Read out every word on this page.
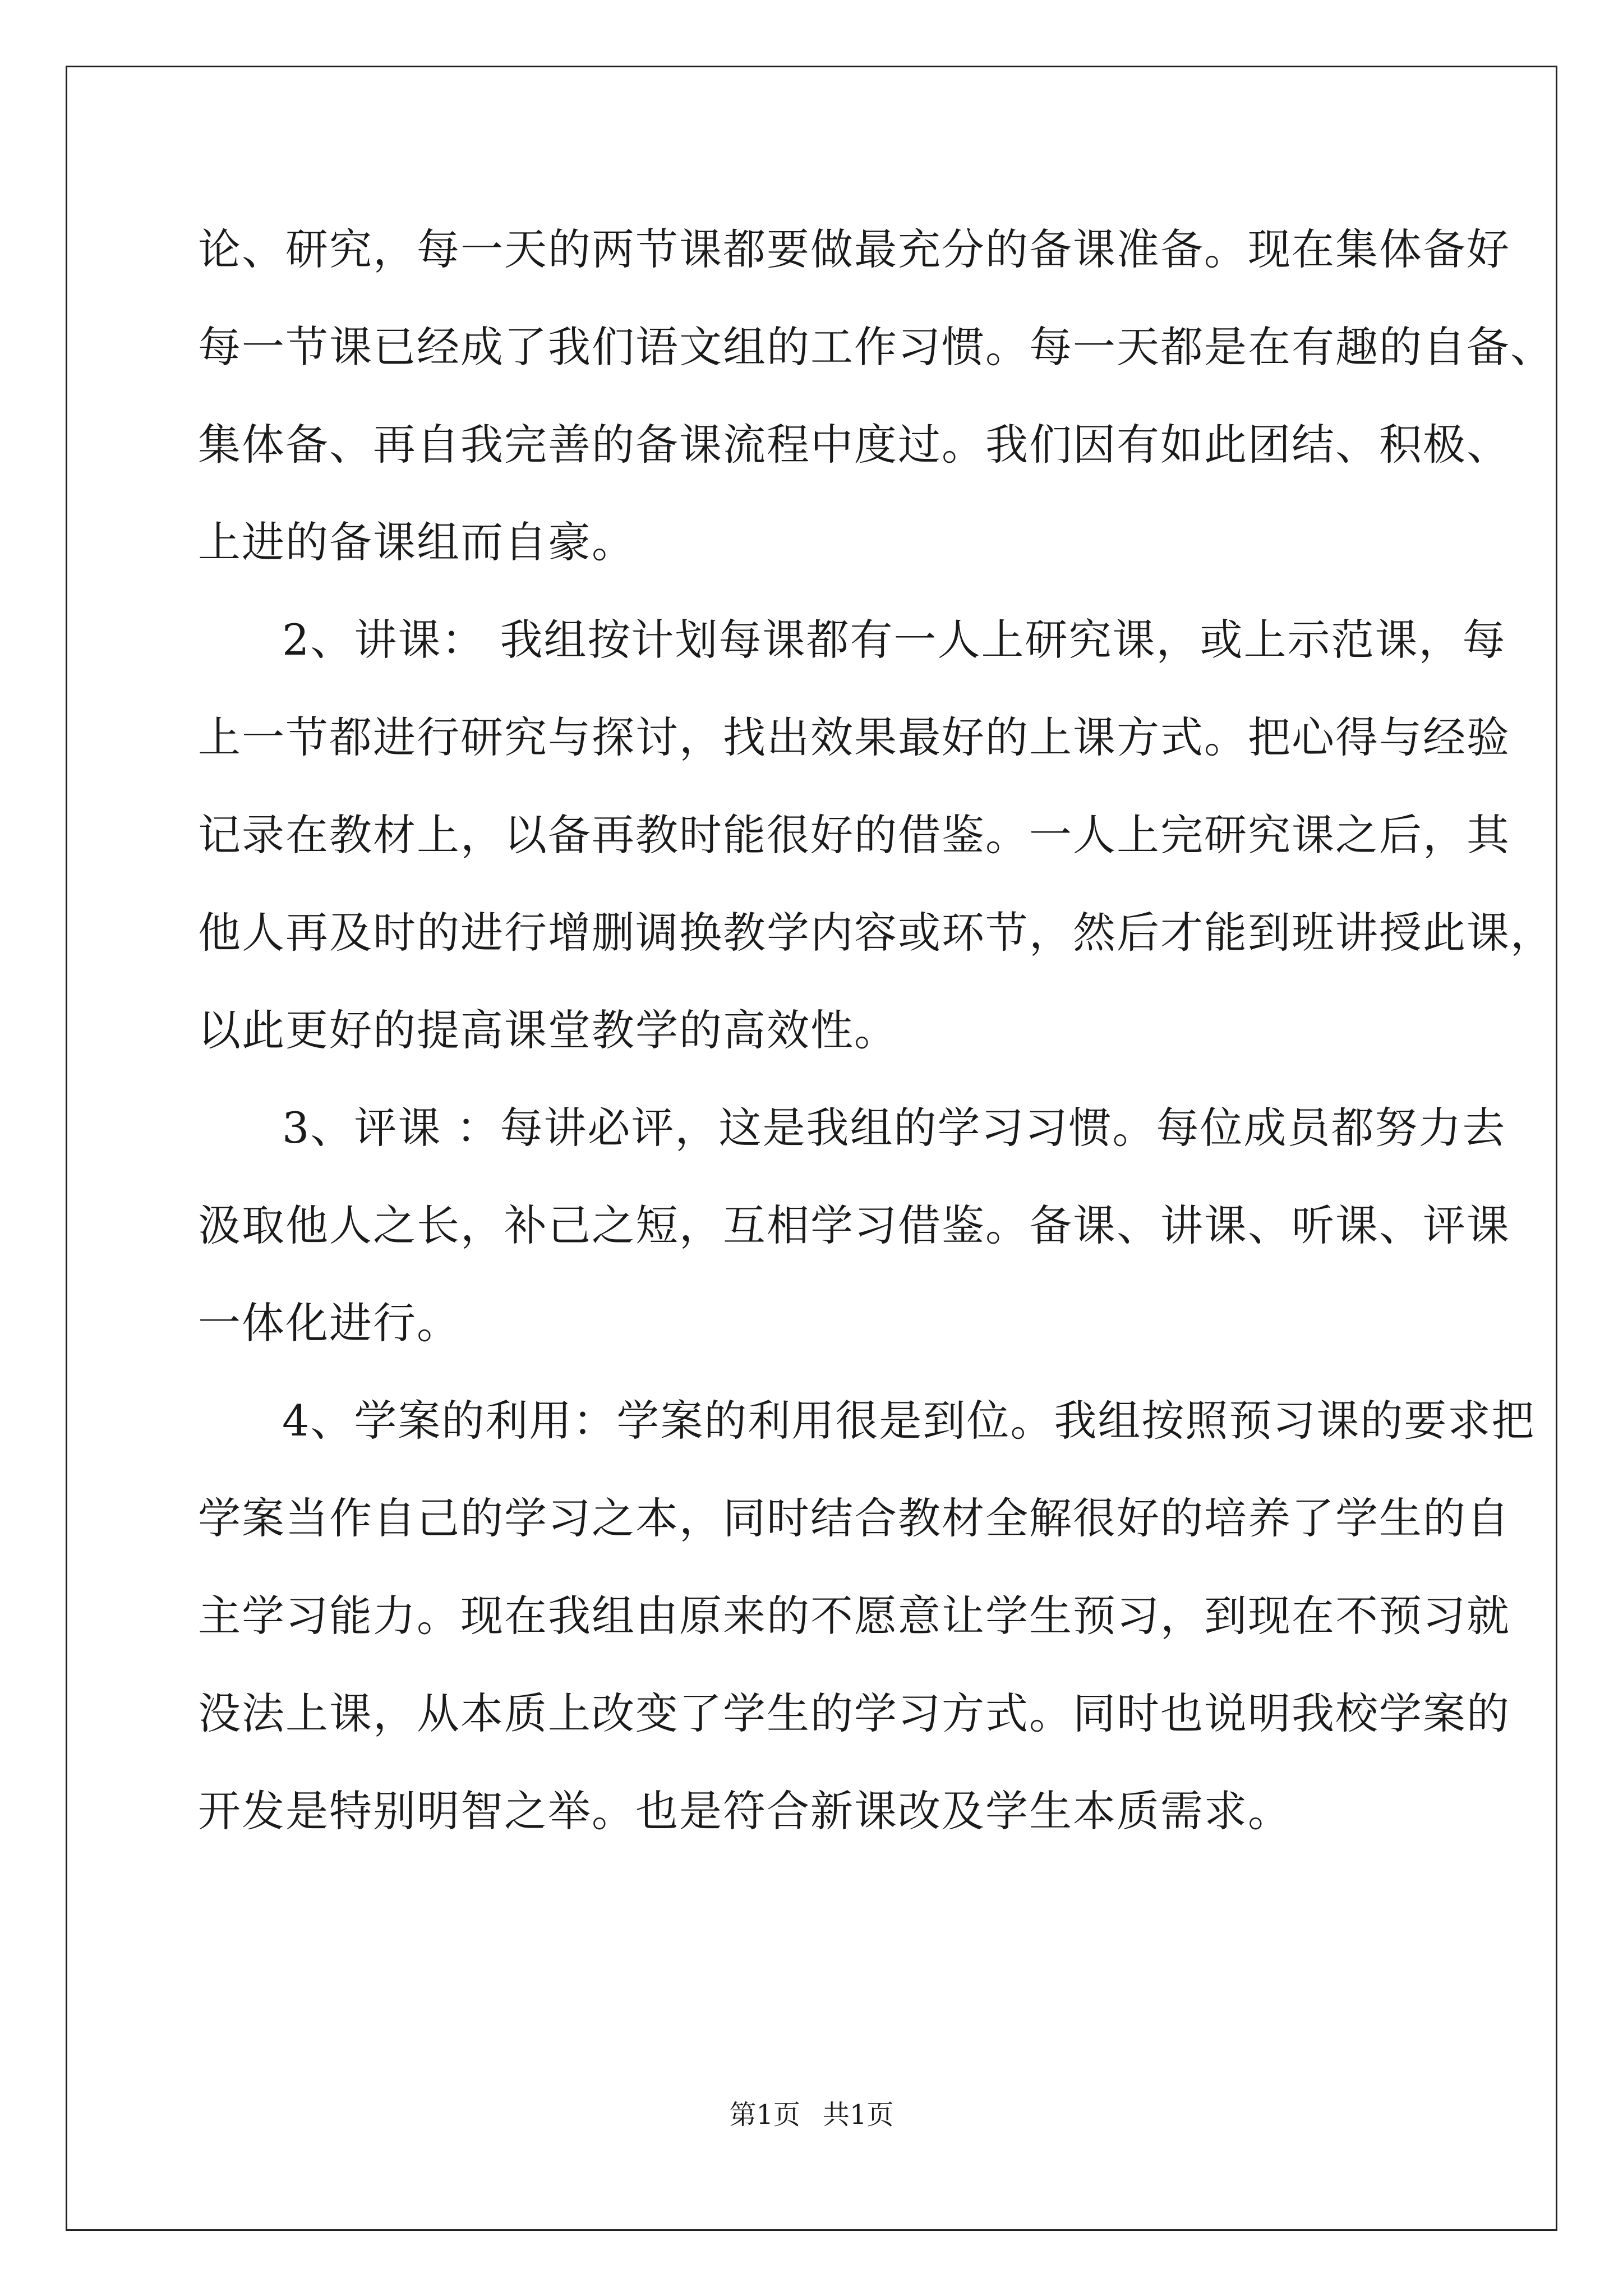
论、研究，每一天的两节课都要做最充分的备课准备。现在集体备好
每一节课已经成了我们语文组的工作习惯。每一天都是在有趣的自备、
集体备、再自我完善的备课流程中度过。我们因有如此团结、积极、
上进的备课组而自豪。
2、讲课： 我组按计划每课都有一人上研究课，或上示范课，每
上一节都进行研究与探讨，找出效果最好的上课方式。把心得与经验
记录在教材上，以备再教时能很好的借鉴。一人上完研究课之后，其
他人再及时的进行增删调换教学内容或环节，然后才能到班讲授此课，
以此更好的提高课堂教学的高效性。
3、评课 ：每讲必评，这是我组的学习习惯。每位成员都努力去
汲取他人之长，补己之短，互相学习借鉴。备课、讲课、听课、评课
一体化进行。
4、学案的利用：学案的利用很是到位。我组按照预习课的要求把
学案当作自己的学习之本，同时结合教材全解很好的培养了学生的自
主学习能力。现在我组由原来的不愿意让学生预习，到现在不预习就
没法上课，从本质上改变了学生的学习方式。同时也说明我校学案的
开发是特别明智之举。也是符合新课改及学生本质需求。
第1页 共1页
